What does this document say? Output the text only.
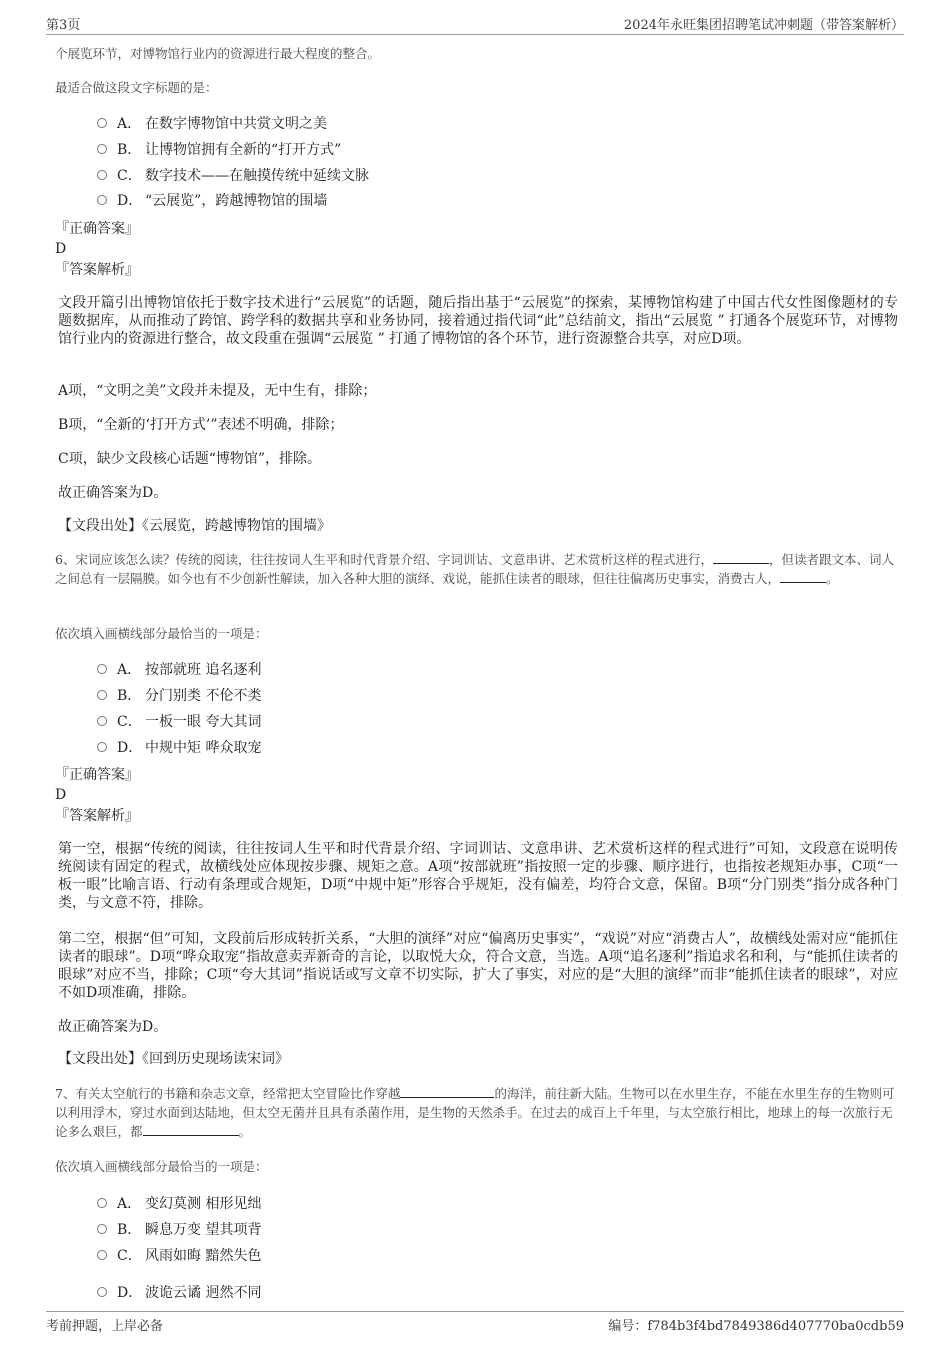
第3页	2024年永旺集团招聘笔试冲刺题（带答案解析）
个展览环节，对博物馆行业内的资源进行最大程度的整合。
最适合做这段文字标题的是：
A． 在数字博物馆中共赏文明之美
B． 让博物馆拥有全新的“打开方式”
C． 数字技术——在触摸传统中延续文脉
D． “云展览”，跨越博物馆的围墙
『正确答案』
D
『答案解析』
文段开篇引出博物馆依托于数字技术进行“云展览”的话题，随后指出基于“云展览”的探索，某博物馆构建了中国古代女性图像题材的专题数据库，从而推动了跨馆、跨学科的数据共享和业务协同，接着通过指代词“此”总结前文，指出“云展览 ” 打通各个展览环节，对博物馆行业内的资源进行整合，故文段重在强调“云展览 ” 打通了博物馆的各个环节，进行资源整合共享，对应D项。
A项，“文明之美”文段并未提及，无中生有，排除；
B项，“全新的‘打开方式’”表述不明确，排除；
C项，缺少文段核心话题“博物馆”，排除。
故正确答案为D。
【文段出处】《云展览，跨越博物馆的围墙》
6、宋词应该怎么读？传统的阅读，往往按词人生平和时代背景介绍、字词训诂、文意串讲、艺术赏析这样的程式进行，	，但读者跟文本、词人之间总有一层隔膜。如今也有不少创新性解读，加入各种大胆的演绎、戏说，能抓住读者的眼球，但往往偏离历史事实，消费古人，	。
依次填入画横线部分最恰当的一项是：
A． 按部就班 追名逐利
B． 分门别类 不伦不类
C． 一板一眼 夸大其词
D． 中规中矩 哗众取宠
『正确答案』
D
『答案解析』
第一空，根据“传统的阅读，往往按词人生平和时代背景介绍、字词训诂、文意串讲、艺术赏析这样的程式进行”可知，文段意在说明传统阅读有固定的程式，故横线处应体现按步骤、规矩之意。A项“按部就班”指按照一定的步骤、顺序进行，也指按老规矩办事，C项“一板一眼”比喻言语、行动有条理或合规矩，D项“中规中矩”形容合乎规矩，没有偏差，均符合文意，保留。B项“分门别类”指分成各种门类，与文意不符，排除。
第二空，根据“但”可知，文段前后形成转折关系，“大胆的演绎”对应“偏离历史事实”，“戏说”对应“消费古人”，故横线处需对应“能抓住读者的眼球”。D项“哗众取宠”指故意卖弄新奇的言论，以取悦大众，符合文意，当选。A项“追名逐利”指追求名和利，与“能抓住读者的眼球”对应不当，排除；C项“夸大其词”指说话或写文章不切实际，扩大了事实，对应的是“大胆的演绎”而非“能抓住读者的眼球”，对应不如D项准确，排除。
故正确答案为D。
【文段出处】《回到历史现场读宋词》
7、有关太空航行的书籍和杂志文章，经常把太空冒险比作穿越	的海洋，前往新大陆。生物可以在水里生存，不能在水里生存的生物则可以利用浮木，穿过水面到达陆地，但太空无菌并且具有杀菌作用，是生物的天然杀手。在过去的成百上千年里，与太空旅行相比，地球上的每一次旅行无论多么艰巨，都	。
依次填入画横线部分最恰当的一项是：
A． 变幻莫测 相形见绌
B． 瞬息万变 望其项背
C． 风雨如晦 黯然失色
D． 波诡云谲 迥然不同
考前押题，上岸必备	编号：f784b3f4bd7849386d407770ba0cdb59
